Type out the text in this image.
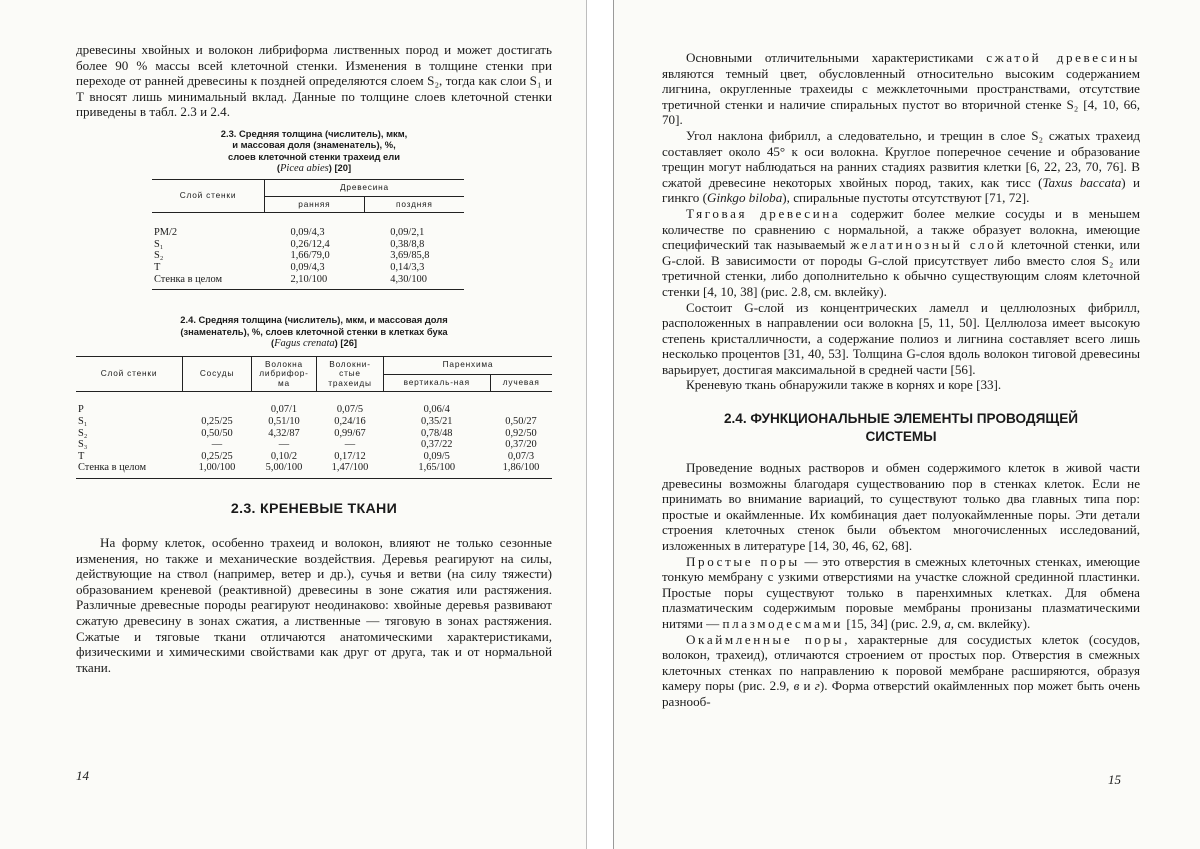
древесины хвойных и волокон либриформа лиственных пород и может достигать более 90 % массы всей клеточной стенки. Изменения в толщине стенки при переходе от ранней древесины к поздней определяются слоем S₂, тогда как слои S₁ и T вносят лишь минимальный вклад. Данные по толщине слоев клеточной стенки приведены в табл. 2.3 и 2.4.

2.3. Средняя толщина (числитель), мкм,
и массовая доля (знаменатель), %,
слоев клеточной стенки трахеид ели
(Picea abies) [20]

Слой стенки	Древесина	
	ранняя	поздняя
PM/2	0,09/4,3	0,09/2,1
S₁	0,26/12,4	0,38/8,8
S₂	1,66/79,0	3,69/85,8
T	0,09/4,3	0,14/3,3
Стенка в целом	2,10/100	4,30/100

2.4. Средняя толщина (числитель), мкм, и массовая доля
(знаменатель), %, слоев клеточной стенки в клетках бука
(Fagus crenata) [26]

Слой стенки	Сосуды	Волокна либрифор-ма	Волокни-стые трахеиды	Паренхима	
				вертикаль-ная	лучевая
P		0,07/1	0,07/5	0,06/4	
S₁	0,25/25	0,51/10	0,24/16	0,35/21	0,50/27
S₂	0,50/50	4,32/87	0,99/67	0,78/48	0,92/50
S₃	—	—	—	0,37/22	0,37/20
T	0,25/25	0,10/2	0,17/12	0,09/5	0,07/3
Стенка в целом	1,00/100	5,00/100	1,47/100	1,65/100	1,86/100

2.3. КРЕНЕВЫЕ ТКАНИ

На форму клеток, особенно трахеид и волокон, влияют не только сезонные изменения, но также и механические воздействия. Деревья реагируют на силы, действующие на ствол (например, ветер и др.), сучья и ветви (на силу тяжести) образованием креневой (реактивной) древесины в зоне сжатия или растяжения. Различные древесные породы реагируют неодинаково: хвойные деревья развивают сжатую древесину в зонах сжатия, а лиственные — тяговую в зонах растяжения. Сжатые и тяговые ткани отличаются анатомическими характеристиками, физическими и химическими свойствами как друг от друга, так и от нормальной ткани.

14

Основными отличительными характеристиками сжатой древесины являются темный цвет, обусловленный относительно высоким содержанием лигнина, округленные трахеиды с межклеточными пространствами, отсутствие третичной стенки и наличие спиральных пустот во вторичной стенке S₂ [4, 10, 66, 70].

Угол наклона фибрилл, а следовательно, и трещин в слое S₂ сжатых трахеид составляет около 45° к оси волокна. Круглое поперечное сечение и образование трещин могут наблюдаться на ранних стадиях развития клетки [6, 22, 23, 70, 76]. В сжатой древесине некоторых хвойных пород, таких, как тисс (Taxus baccata) и гинкго (Ginkgo biloba), спиральные пустоты отсутствуют [71, 72].

Тяговая древесина содержит более мелкие сосуды и в меньшем количестве по сравнению с нормальной, а также образует волокна, имеющие специфический так называемый желатинозный слой клеточной стенки, или G-слой. В зависимости от породы G-слой присутствует либо вместо слоя S₂ или третичной стенки, либо дополнительно к обычно существующим слоям клеточной стенки [4, 10, 38] (рис. 2.8, см. вклейку).

Состоит G-слой из концентрических ламелл и целлюлозных фибрилл, расположенных в направлении оси волокна [5, 11, 50]. Целлюлоза имеет высокую степень кристалличности, а содержание полиоз и лигнина составляет всего лишь несколько процентов [31, 40, 53]. Толщина G-слоя вдоль волокон тиговой древесины варьирует, достигая максимальной в средней части [56].

Креневую ткань обнаружили также в корнях и коре [33].

2.4. ФУНКЦИОНАЛЬНЫЕ ЭЛЕМЕНТЫ ПРОВОДЯЩЕЙ
СИСТЕМЫ

Проведение водных растворов и обмен содержимого клеток в живой части древесины возможны благодаря существованию пор в стенках клеток. Если не принимать во внимание вариаций, то существуют только два главных типа пор: простые и окаймленные. Их комбинация дает полуокаймленные поры. Эти детали строения клеточных стенок были объектом многочисленных исследований, изложенных в литературе [14, 30, 46, 62, 68].

Простые поры — это отверстия в смежных клеточных стенках, имеющие тонкую мембрану с узкими отверстиями на участке сложной срединной пластинки. Простые поры существуют только в паренхимных клетках. Для обмена плазматическим содержимым поровые мембраны пронизаны плазматическими нитями — плазмодесмами [15, 34] (рис. 2.9, а, см. вклейку).

Окаймленные поры, характерные для сосудистых клеток (сосудов, волокон, трахеид), отличаются строением от простых пор. Отверстия в смежных клеточных стенках по направлению к поровой мембране расширяются, образуя камеру поры (рис. 2.9, в и г). Форма отверстий окаймленных пор может быть очень разнооб-

15
